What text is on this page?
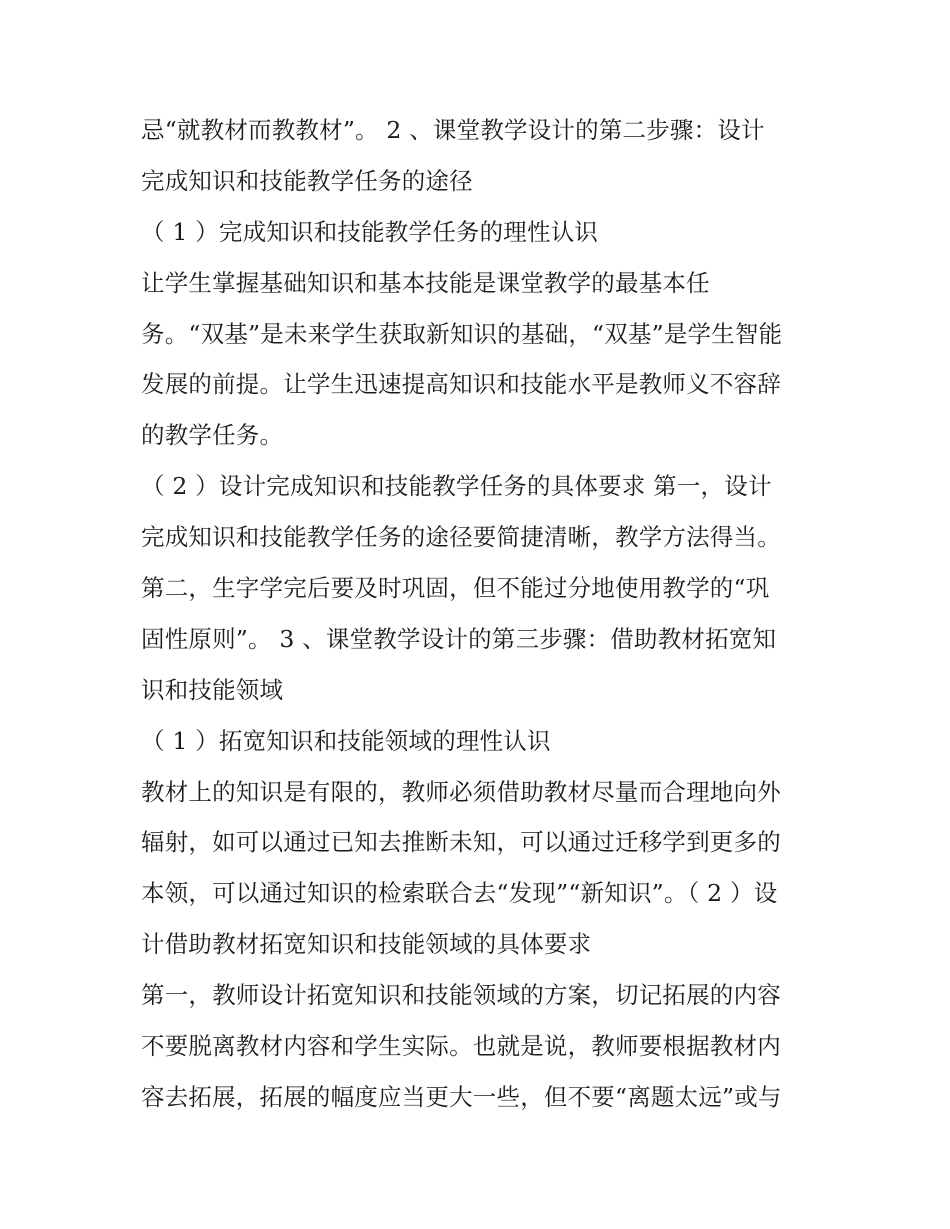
忌“就教材而教教材”。 2 、课堂教学设计的第二步骤：设计
完成知识和技能教学任务的途径
（ 1 ）完成知识和技能教学任务的理性认识
让学生掌握基础知识和基本技能是课堂教学的最基本任
务。“双基”是未来学生获取新知识的基础，“双基”是学生智能
发展的前提。让学生迅速提高知识和技能水平是教师义不容辞
的教学任务。
（ 2 ）设计完成知识和技能教学任务的具体要求 第一，设计
完成知识和技能教学任务的途径要简捷清晰，教学方法得当。
第二，生字学完后要及时巩固，但不能过分地使用教学的“巩
固性原则”。 3 、课堂教学设计的第三步骤：借助教材拓宽知
识和技能领域
（ 1 ）拓宽知识和技能领域的理性认识
教材上的知识是有限的，教师必须借助教材尽量而合理地向外
辐射，如可以通过已知去推断未知，可以通过迁移学到更多的
本领，可以通过知识的检索联合去“发现”“新知识”。（ 2 ）设
计借助教材拓宽知识和技能领域的具体要求
第一，教师设计拓宽知识和技能领域的方案，切记拓展的内容
不要脱离教材内容和学生实际。也就是说，教师要根据教材内
容去拓展，拓展的幅度应当更大一些，但不要“离题太远”或与
